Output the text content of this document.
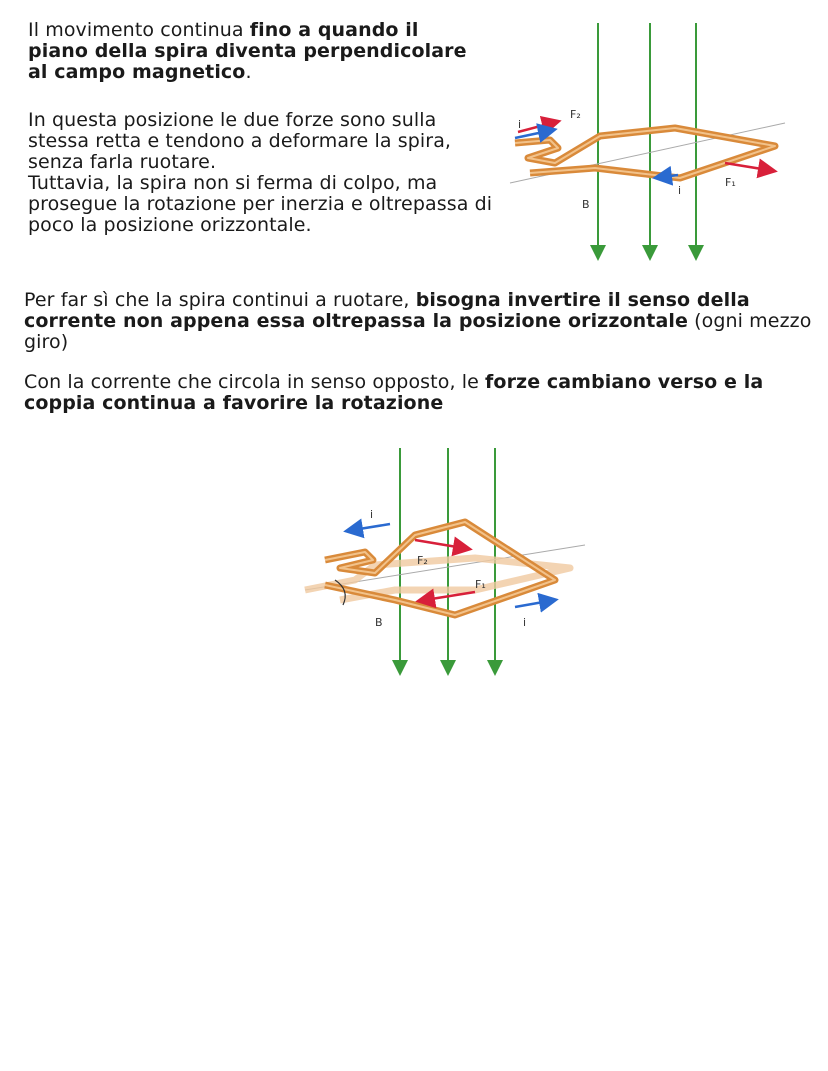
Il movimento continua fino a quando il piano della spira diventa perpendicolare al campo magnetico.

In questa posizione le due forze sono sulla stessa retta e tendono a deformare la spira, senza farla ruotare.
Tuttavia, la spira non si ferma di colpo, ma prosegue la rotazione per inerzia e oltrepassa di poco la posizione orizzontale.

i
i
F₂
F₁
B

Per far sì che la spira continui a ruotare, bisogna invertire il senso della corrente non appena essa oltrepassa la posizione orizzontale (ogni mezzo giro)

Con la corrente che circola in senso opposto, le forze cambiano verso e la coppia continua a favorire la rotazione

i
i
F₂
F₁
B
